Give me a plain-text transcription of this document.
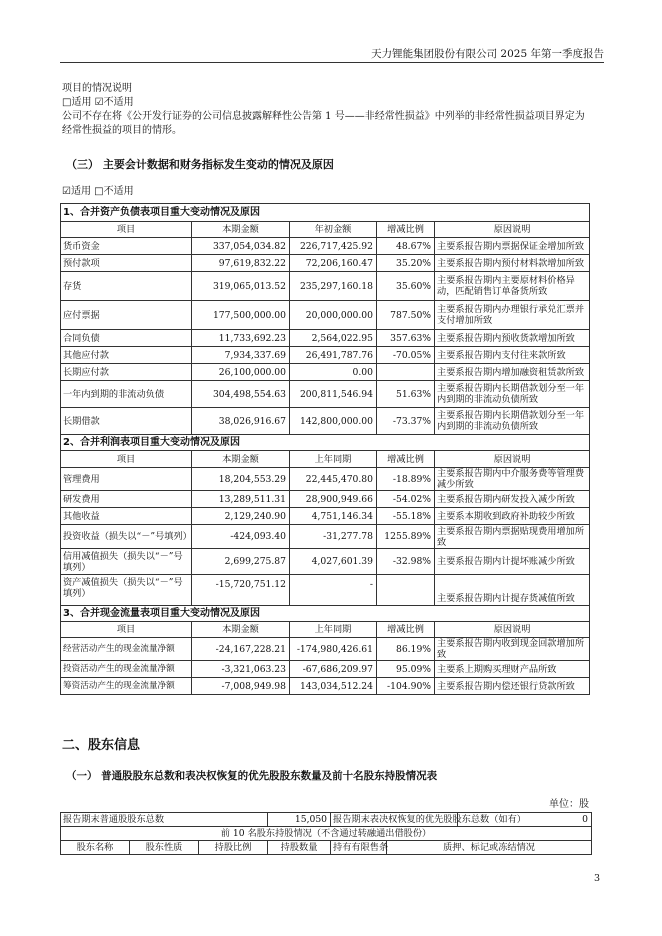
天力锂能集团股份有限公司 2025 年第一季度报告
项目的情况说明
□适用 ☑不适用
公司不存在将《公开发行证券的公司信息披露解释性公告第 1 号——非经常性损益》中列举的非经常性损益项目界定为
经常性损益的项目的情形。
（三） 主要会计数据和财务指标发生变动的情况及原因
☑适用 □不适用
1、合并资产负债表项目重大变动情况及原因				
项目	本期金额	年初金额	增减比例	原因说明
货币资金	337,054,034.82	226,717,425.92	48.67%	主要系报告期内票据保证金增加所致
预付款项	97,619,832.22	72,206,160.47	35.20%	主要系报告期内预付材料款增加所致
存货	319,065,013.52	235,297,160.18	35.60%	主要系报告期内主要原材料价格异动，匹配销售订单备货所致
应付票据	177,500,000.00	20,000,000.00	787.50%	主要系报告期内办理银行承兑汇票并支付增加所致
合同负债	11,733,692.23	2,564,022.95	357.63%	主要系报告期内预收货款增加所致
其他应付款	7,934,337.69	26,491,787.76	-70.05%	主要系报告期内支付往来款所致
长期应付款	26,100,000.00	0.00		主要系报告期内增加融资租赁款所致
一年内到期的非流动负债	304,498,554.63	200,811,546.94	51.63%	主要系报告期内长期借款划分至一年内到期的非流动负债所致
长期借款	38,026,916.67	142,800,000.00	-73.37%	主要系报告期内长期借款划分至一年内到期的非流动负债所致
2、合并利润表项目重大变动情况及原因				
项目	本期金额	上年同期	增减比例	原因说明
管理费用	18,204,553.29	22,445,470.80	-18.89%	主要系报告期内中介服务费等管理费减少所致
研发费用	13,289,511.31	28,900,949.66	-54.02%	主要系报告期内研发投入减少所致
其他收益	2,129,240.90	4,751,146.34	-55.18%	主要系本期收到政府补助较少所致
投资收益（损失以“－”号填列）	-424,093.40	-31,277.78	1255.89%	主要系报告期内票据贴现费用增加所致
信用减值损失（损失以“－”号填列）	2,699,275.87	4,027,601.39	-32.98%	主要系报告期内计提坏账减少所致
资产减值损失（损失以“－”号填列）	-15,720,751.12	-		主要系报告期内计提存货减值所致
3、合并现金流量表项目重大变动情况及原因				
项目	本期金额	上年同期	增减比例	原因说明
经营活动产生的现金流量净额	-24,167,228.21	-174,980,426.61	86.19%	主要系报告期内收到现金回款增加所致
投资活动产生的现金流量净额	-3,321,063.23	-67,686,209.97	95.09%	主要系上期购买理财产品所致
筹资活动产生的现金流量净额	-7,008,949.98	143,034,512.24	-104.90%	主要系报告期内偿还银行贷款所致
二、股东信息
（一） 普通股股东总数和表决权恢复的优先股股东数量及前十名股东持股情况表
单位：股
报告期末普通股股东总数			15,050	报告期末表决权恢复的优先股股东总数（如有）		0
前 10 名股东持股情况（不含通过转融通出借股份）						
股东名称	股东性质	持股比例	持股数量	持有有限售条	质押、标记或冻结情况	
3
